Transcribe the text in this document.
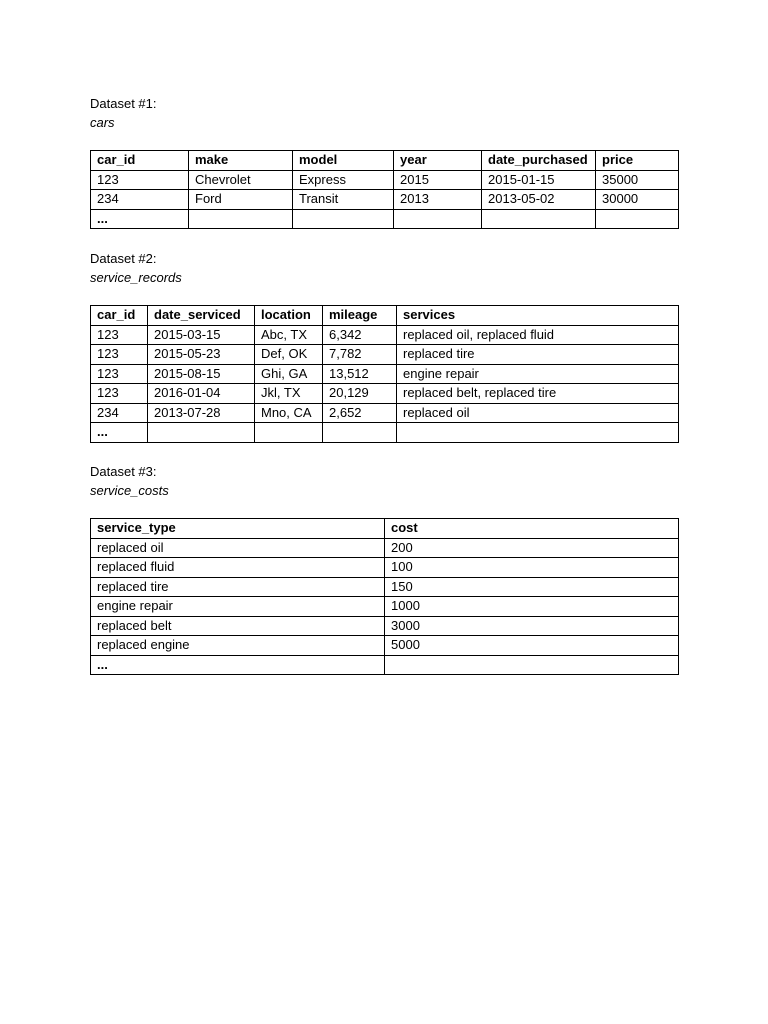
Dataset #1:

cars

car_id	make	model	year	date_purchased	price
123	Chevrolet	Express	2015	2015-01-15	35000
234	Ford	Transit	2013	2013-05-02	30000
...					

Dataset #2:

service_records

car_id	date_serviced	location	mileage	services
123	2015-03-15	Abc, TX	6,342	replaced oil, replaced fluid
123	2015-05-23	Def, OK	7,782	replaced tire
123	2015-08-15	Ghi, GA	13,512	engine repair
123	2016-01-04	Jkl, TX	20,129	replaced belt, replaced tire
234	2013-07-28	Mno, CA	2,652	replaced oil
...				

Dataset #3:

service_costs

service_type	cost
replaced oil	200
replaced fluid	100
replaced tire	150
engine repair	1000
replaced belt	3000
replaced engine	5000
...	
